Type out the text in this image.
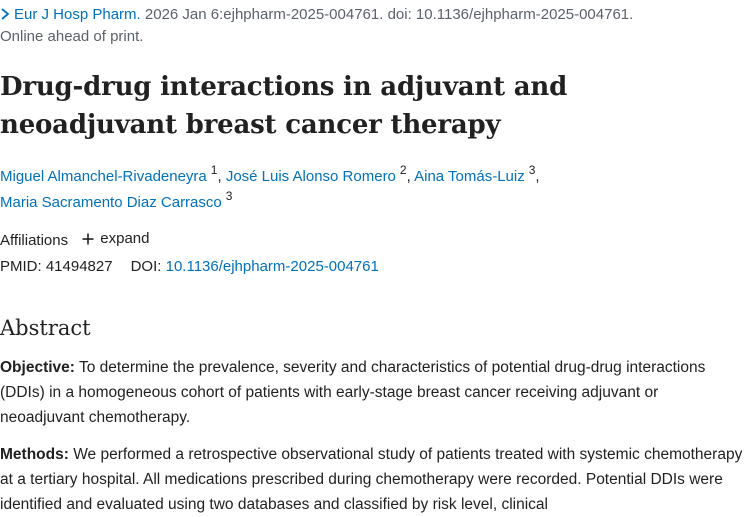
Eur J Hosp Pharm. 2026 Jan 6:ejhpharm-2025-004761. doi: 10.1136/ejhpharm-2025-004761.
Online ahead of print.
Drug-drug interactions in adjuvant and neoadjuvant breast cancer therapy
Miguel Almanchel-Rivadeneyra $^1$, José Luis Alonso Romero $^2$, Aina Tomás-Luiz $^3$,
Maria Sacramento Diaz Carrasco $^3$
Affiliations expand
PMID: 41494827 DOI: 10.1136/ejhpharm-2025-004761
Abstract

Objective: To determine the prevalence, severity and characteristics of potential drug-drug interactions (DDIs) in a homogeneous cohort of patients with early-stage breast cancer receiving adjuvant or neoadjuvant chemotherapy.

Methods: We performed a retrospective observational study of patients treated with systemic chemotherapy at a tertiary hospital. All medications prescribed during chemotherapy were recorded. Potential DDIs were identified and evaluated using two databases and classified by risk level, clinical
